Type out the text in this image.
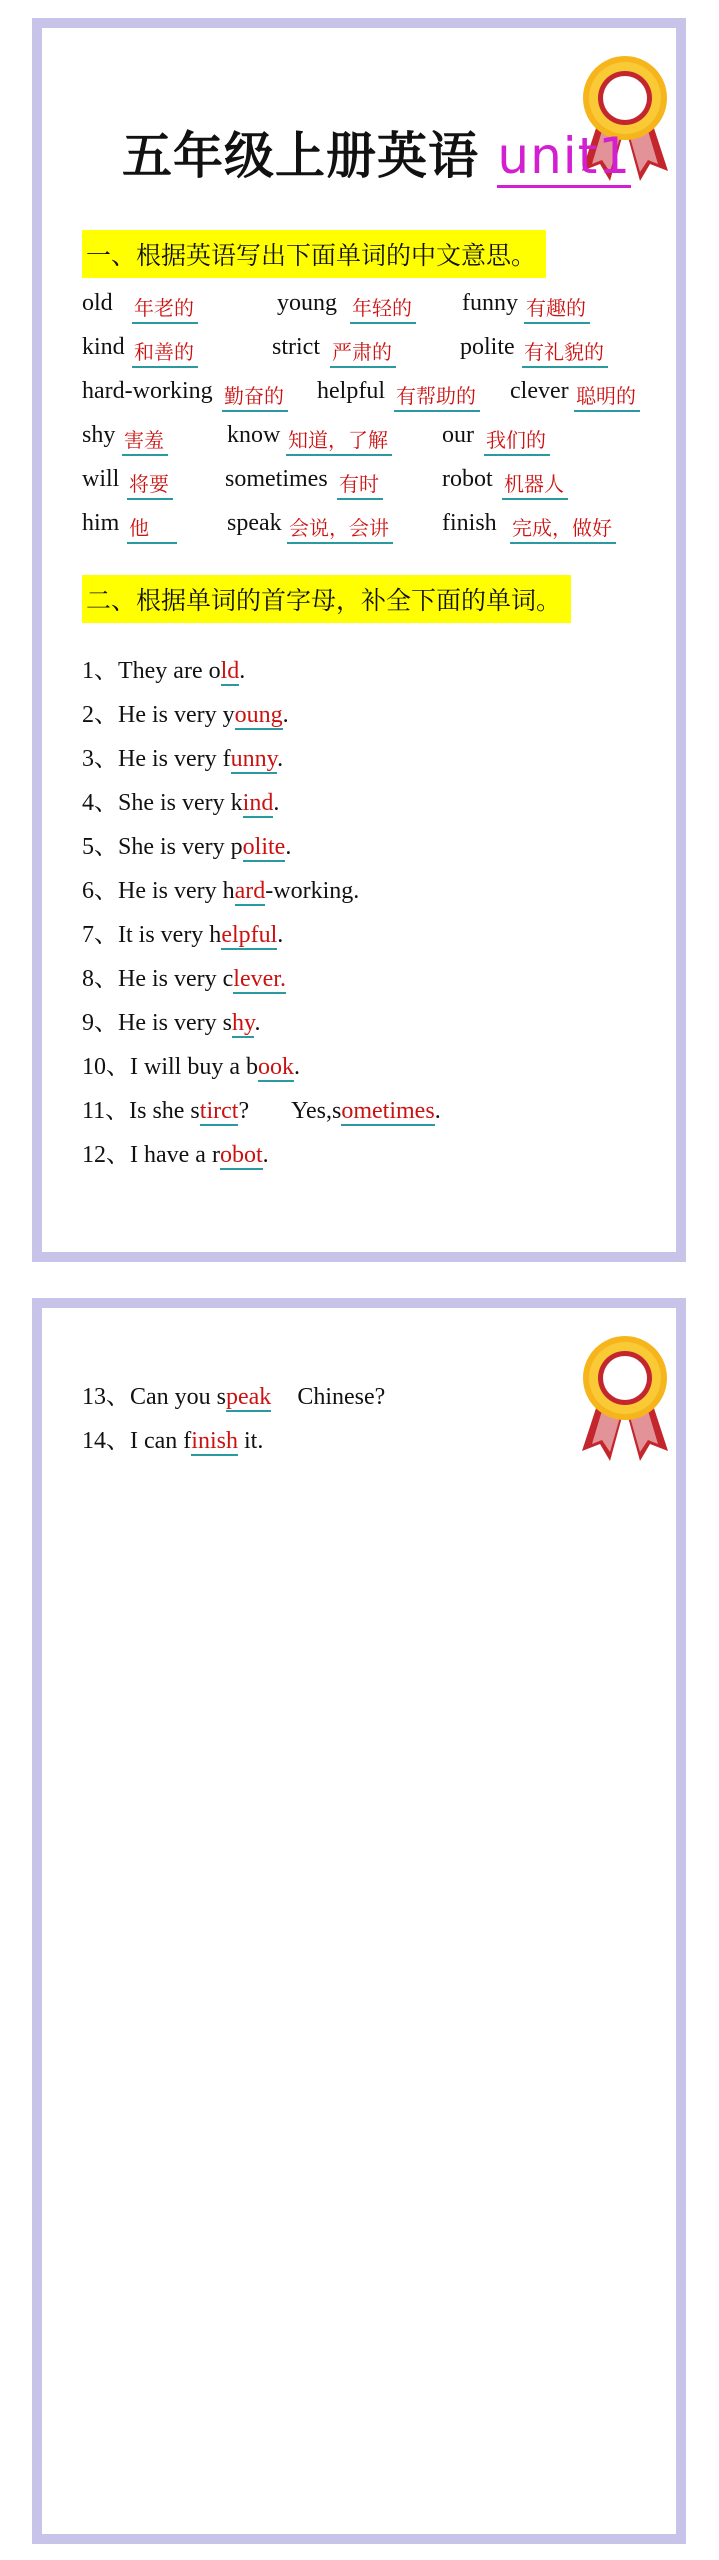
五年级上册英语 unit1
一、根据英语写出下面单词的中文意思。
old 年老的	young 年轻的 funny 有趣的
kind 和善的	strict 严肃的	polite 有礼貌的
hard-working 勤奋的 helpful 有帮助的 clever 聪明的
shy 害羞	know 知道，了解 our 我们的
will 将要 sometimes 有时	robot 机器人
him 他	speak 会说，会讲 finish 完成，做好
二、根据单词的首字母，补全下面的单词。
1、They are old.
2、He is very young.
3、He is very funny.
4、She is very kind.
5、She is very polite.
6、He is very hard-working.
7、It is very helpful.
8、He is very clever.
9、He is very shy.
10、I will buy a book.
11、Is she stirct? Yes,sometimes.
12、I have a robot.
13、Can you speak Chinese?
14、I can finish it.
